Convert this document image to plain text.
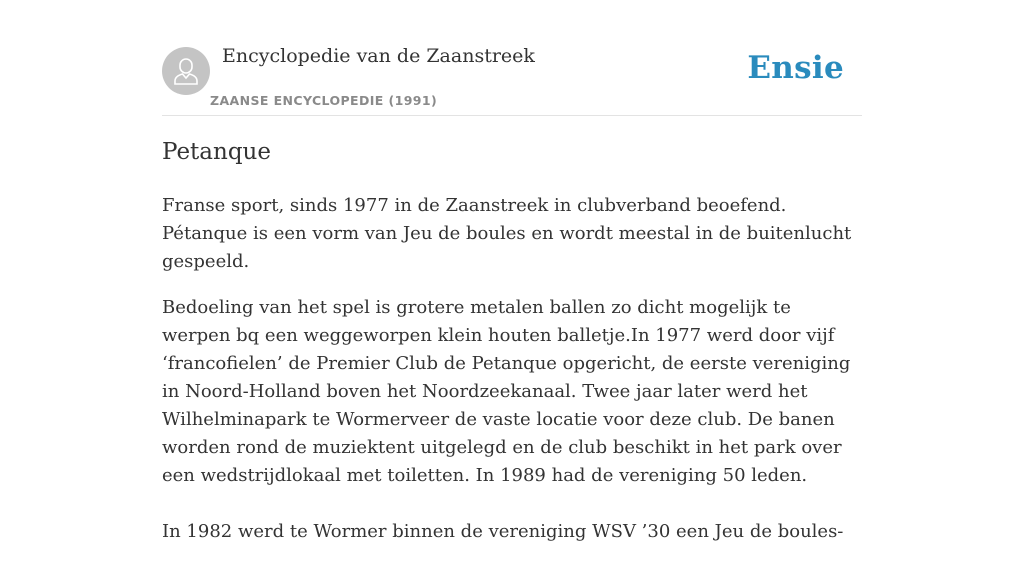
Encyclopedie van de Zaanstreek
ZAANSE ENCYCLOPEDIE (1991)
Ensie
Petanque

Franse sport, sinds 1977 in de Zaanstreek in clubverband beoefend. Pétanque is een vorm van Jeu de boules en wordt meestal in de buitenlucht gespeeld.

Bedoeling van het spel is grotere metalen ballen zo dicht mogelijk te werpen bq een weggeworpen klein houten balletje.In 1977 werd door vijf ‘francofielen’ de Premier Club de Petanque opgericht, de eerste vereniging in Noord-Holland boven het Noordzeekanaal. Twee jaar later werd het Wilhelminapark te Wormerveer de vaste locatie voor deze club. De banen worden rond de muziektent uitgelegd en de club beschikt in het park over een wedstrijdlokaal met toiletten. In 1989 had de vereniging 50 leden.

In 1982 werd te Wormer binnen de vereniging WSV ’30 een Jeu de boules-
